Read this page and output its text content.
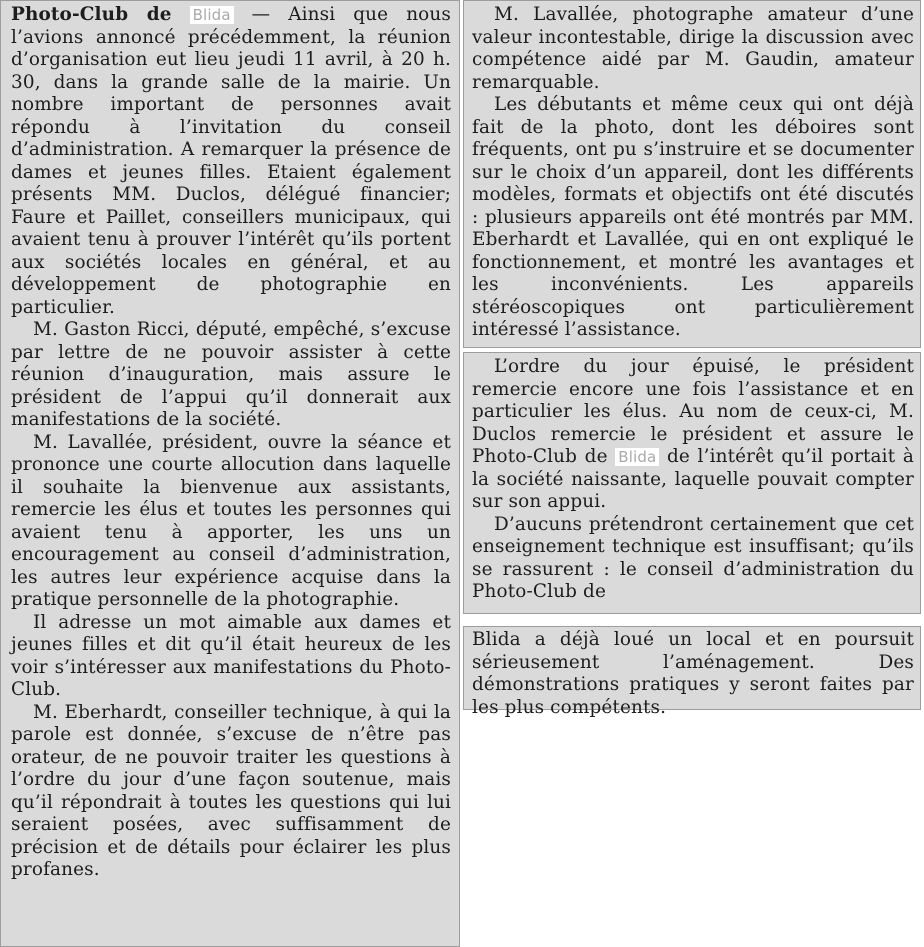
Photo-Club de Blida — Ainsi que nous l’avions annoncé précédemment, la réunion d’organisation eut lieu jeudi 11 avril, à 20 h. 30, dans la grande salle de la mairie. Un nombre important de personnes avait répondu à l’invitation du conseil d’administration. A remarquer la présence de dames et jeunes filles. Etaient également présents MM. Duclos, délégué financier; Faure et Paillet, conseillers municipaux, qui avaient tenu à prouver l’intérêt qu’ils portent aux sociétés locales en général, et au développement de photographie en particulier.

M. Gaston Ricci, député, empêché, s’excuse par lettre de ne pouvoir assister à cette réunion d’inauguration, mais assure le président de l’appui qu’il donnerait aux manifestations de la société.

M. Lavallée, président, ouvre la séance et prononce une courte allocution dans laquelle il souhaite la bienvenue aux assistants, remercie les élus et toutes les personnes qui avaient tenu à apporter, les uns un encouragement au conseil d’administration, les autres leur expérience acquise dans la pratique personnelle de la photographie.

Il adresse un mot aimable aux dames et jeunes filles et dit qu’il était heureux de les voir s’intéresser aux manifestations du Photo-Club.

M. Eberhardt, conseiller technique, à qui la parole est donnée, s’excuse de n’être pas orateur, de ne pouvoir traiter les questions à l’ordre du jour d’une façon soutenue, mais qu’il répondrait à toutes les questions qui lui seraient posées, avec suffisamment de précision et de détails pour éclairer les plus profanes.

M. Lavallée, photographe amateur d’une valeur incontestable, dirige la discussion avec compétence aidé par M. Gaudin, amateur remarquable.

Les débutants et même ceux qui ont déjà fait de la photo, dont les déboires sont fréquents, ont pu s’instruire et se documenter sur le choix d’un appareil, dont les différents modèles, formats et objectifs ont été discutés : plusieurs appareils ont été montrés par MM. Eberhardt et Lavallée, qui en ont expliqué le fonctionnement, et montré les avantages et les inconvénients. Les appareils stéréoscopiques ont particulièrement intéressé l’assistance.

L’ordre du jour épuisé, le président remercie encore une fois l’assistance et en particulier les élus. Au nom de ceux-ci, M. Duclos remercie le président et assure le Photo-Club de Blida de l’intérêt qu’il portait à la société naissante, laquelle pouvait compter sur son appui.

D’aucuns prétendront certainement que cet enseignement technique est insuffisant; qu’ils se rassurent : le conseil d’administration du Photo-Club de

Blida a déjà loué un local et en poursuit sérieusement l’aménagement. Des démonstrations pratiques y seront faites par les plus compétents.
